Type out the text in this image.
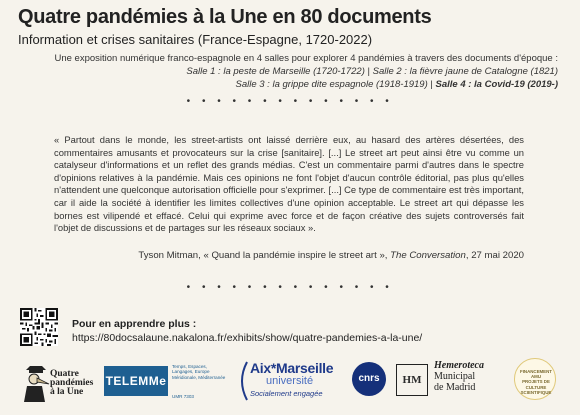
Quatre pandémies à la Une en 80 documents
Information et crises sanitaires (France-Espagne, 1720-2022)
Une exposition numérique franco-espagnole en 4 salles pour explorer 4 pandémies à travers des documents d'époque :
Salle 1 : la peste de Marseille (1720-1722) | Salle 2 : la fièvre jaune de Catalogne (1821)
Salle 3 : la grippe dite espagnole (1918-1919) | Salle 4 : la Covid-19 (2019-)
• • • • • • • • • • • • • •
« Partout dans le monde, les street-artists ont laissé derrière eux, au hasard des artères désertées, des commentaires amusants et provocateurs sur la crise [sanitaire]. [...] Le street art peut ainsi être vu comme un catalyseur d'informations et un reflet des grands médias. C'est un commentaire parmi d'autres dans le spectre d'opinions relatives à la pandémie. Mais ces opinions ne font l'objet d'aucun contrôle éditorial, pas plus qu'elles n'attendent une quelconque autorisation officielle pour s'exprimer. [...] Ce type de commentaire est très important, car il aide la société à identifier les limites collectives d'une opinion acceptable. Le street art qui dépasse les bornes est vilipendé et effacé. Celui qui exprime avec force et de façon créative des sujets controversés fait l'objet de discussions et de partages sur les réseaux sociaux ».
Tyson Mitman, « Quand la pandémie inspire le street art », The Conversation, 27 mai 2020
• • • • • • • • • • • • • •
Pour en apprendre plus :
https://80docsalaune.nakalona.fr/exhibits/show/quatre-pandemies-a-la-une/
Quatre
pandémies
à la Une
TELEMMe
Temps, Espaces, Langages, Europe Méridionale, Méditerranée
UMR 7303
Aix*Marseille
université
Socialement engagée
cnrs	HM
Hemeroteca
Municipal
de Madrid
FINANCEMENT AMU
PROJETS DE
CULTURE
SCIENTIFIQUE
